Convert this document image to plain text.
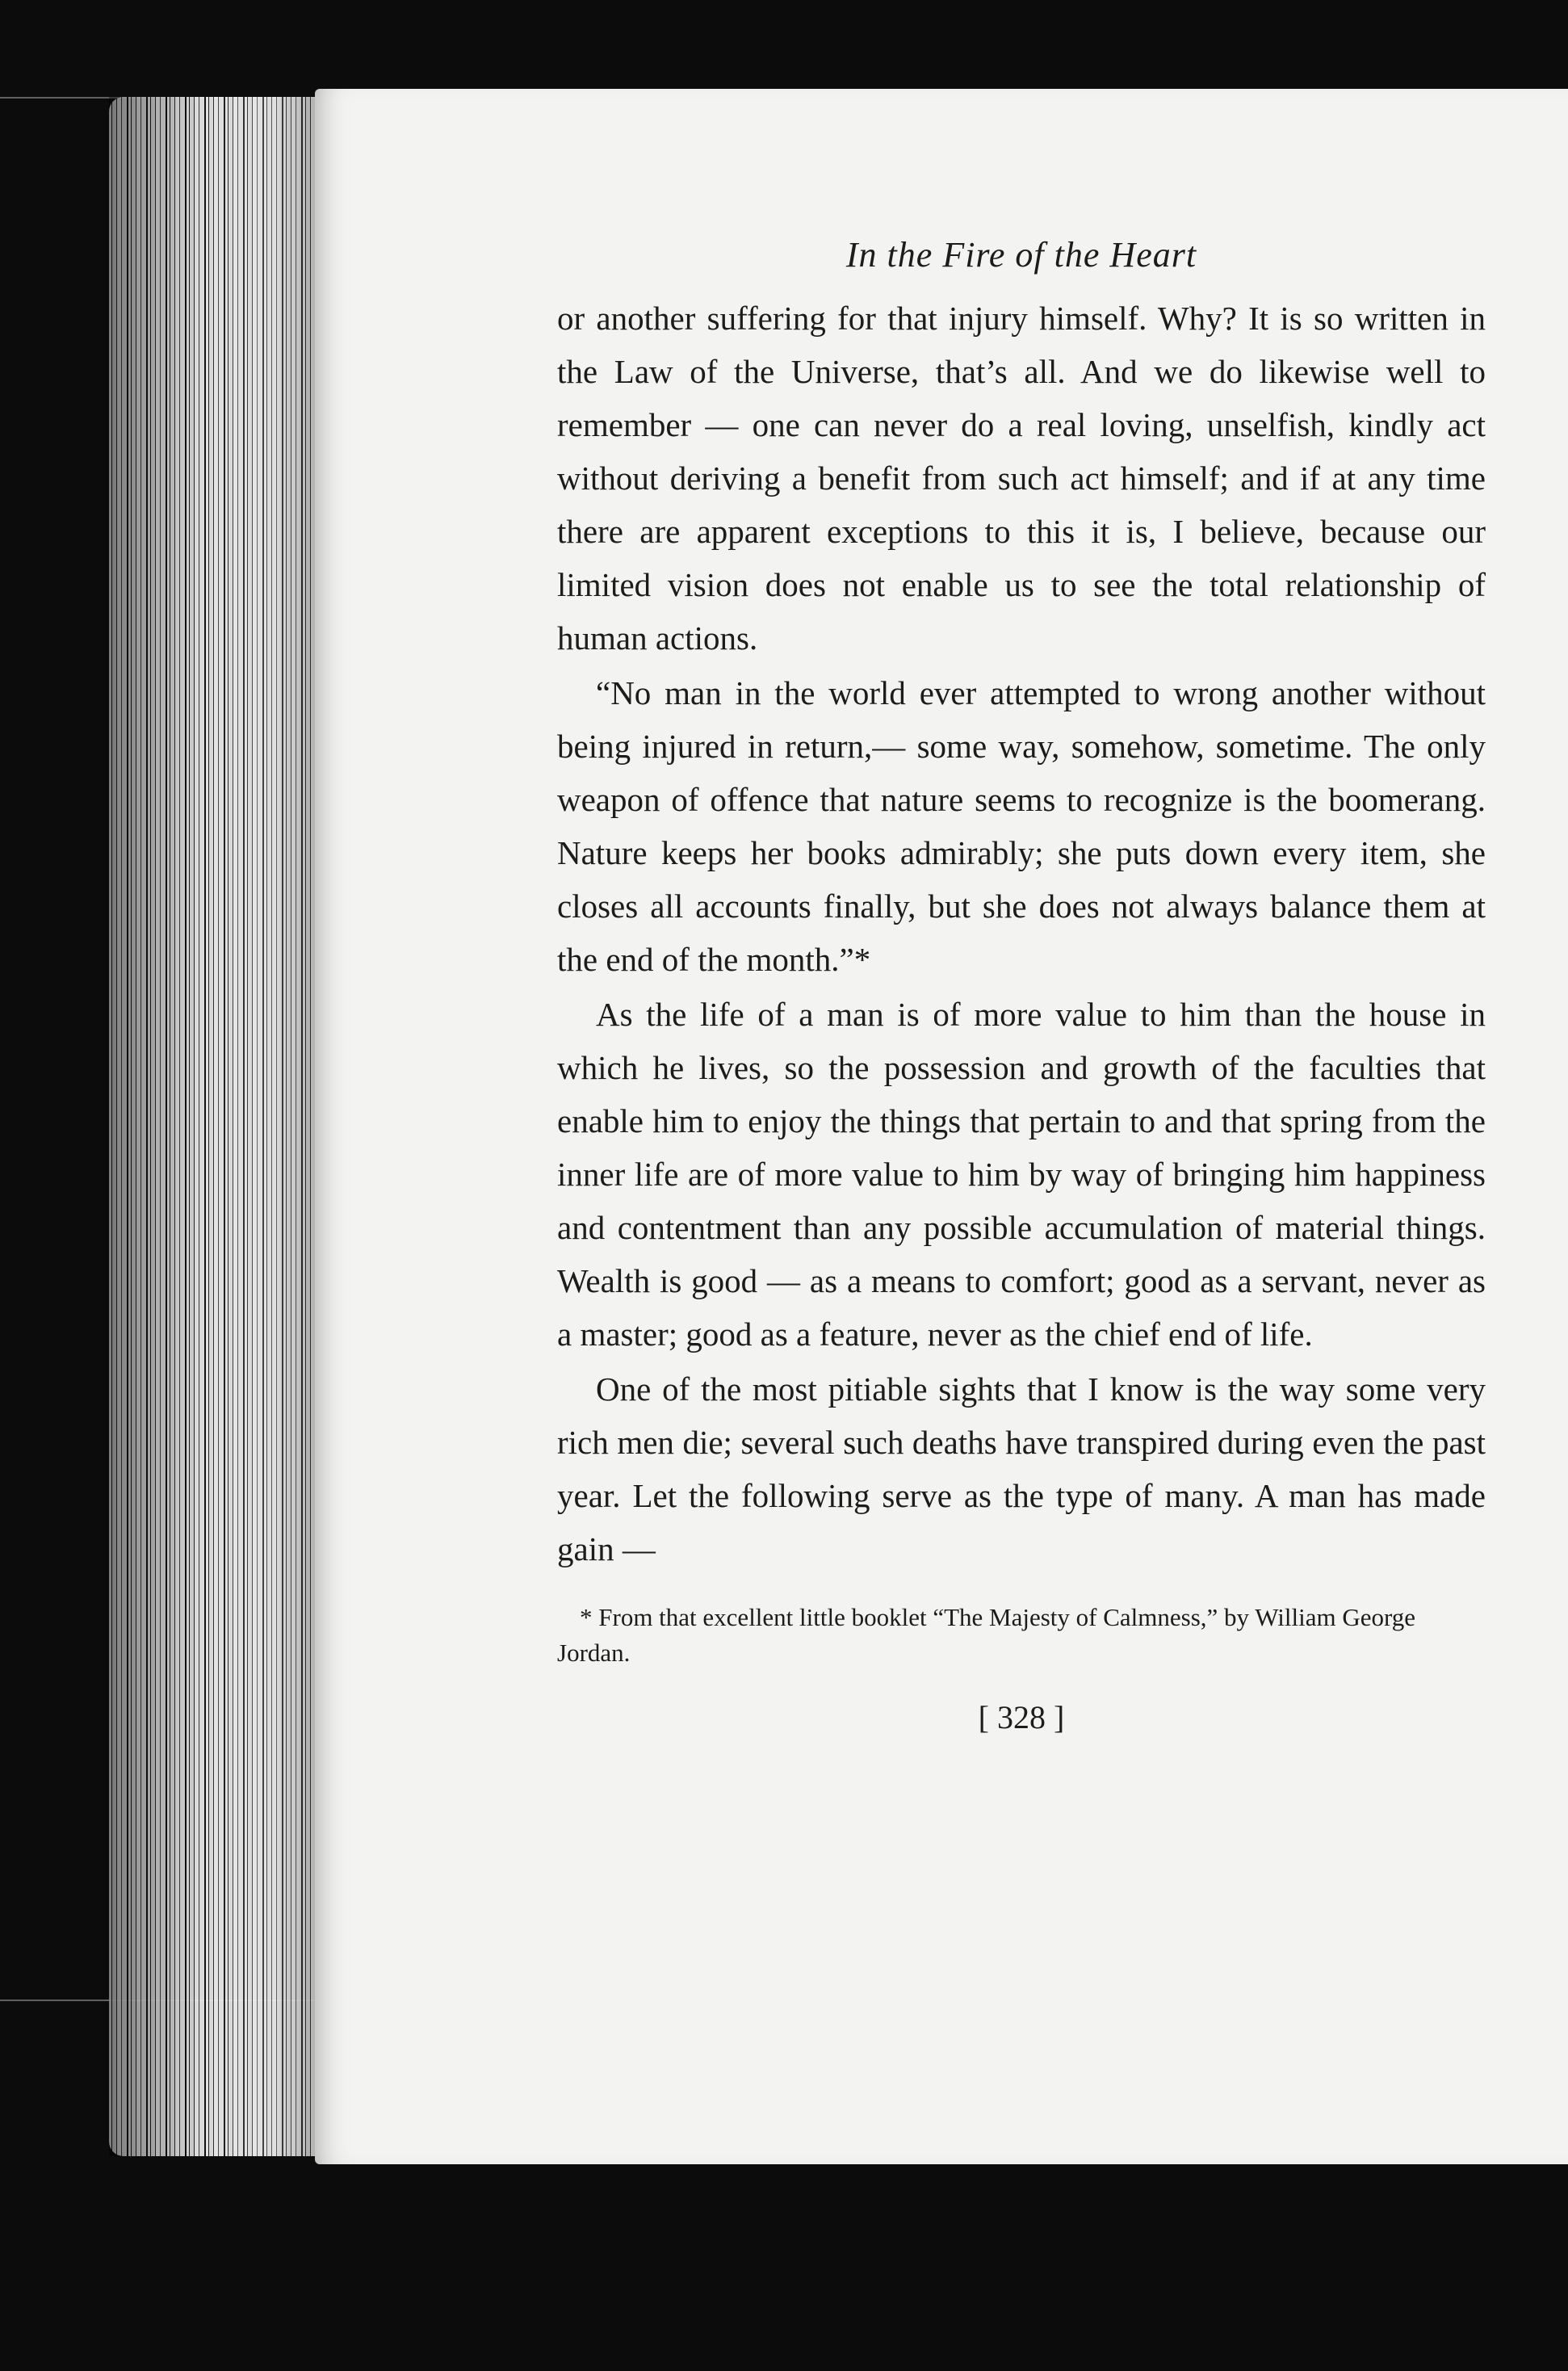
In the Fire of the Heart

or another suffering for that injury himself. Why? It is so written in the Law of the Universe, that’s all. And we do likewise well to remember — one can never do a real loving, unselfish, kindly act without deriving a benefit from such act himself; and if at any time there are apparent exceptions to this it is, I believe, because our limited vision does not enable us to see the total relationship of human actions.

“No man in the world ever attempted to wrong another without being injured in return,— some way, somehow, sometime. The only weapon of offence that nature seems to recognize is the boomerang. Nature keeps her books admirably; she puts down every item, she closes all accounts finally, but she does not always balance them at the end of the month.”*

As the life of a man is of more value to him than the house in which he lives, so the possession and growth of the faculties that enable him to enjoy the things that pertain to and that spring from the inner life are of more value to him by way of bringing him happiness and contentment than any possible accumulation of material things. Wealth is good — as a means to comfort; good as a servant, never as a master; good as a feature, never as the chief end of life.

One of the most pitiable sights that I know is the way some very rich men die; several such deaths have transpired during even the past year. Let the following serve as the type of many. A man has made gain —

* From that excellent little booklet “The Majesty of Calmness,” by William George Jordan.
[ 328 ]
